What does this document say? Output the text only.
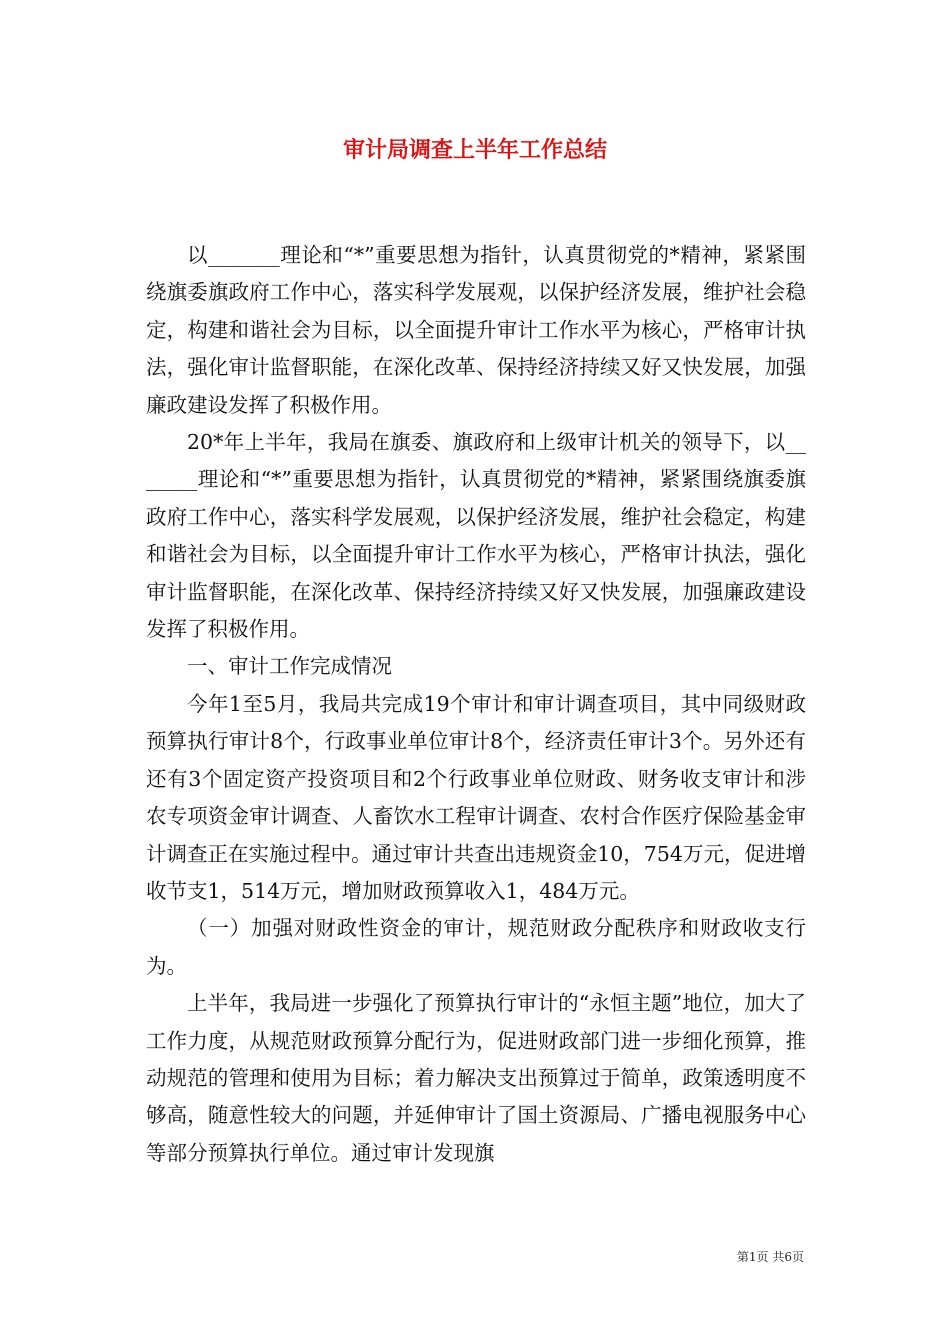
审计局调查上半年工作总结

以_______理论和“*”重要思想为指针，认真贯彻党的*精神，紧紧围绕旗委旗政府工作中心，落实科学发展观，以保护经济发展，维护社会稳定，构建和谐社会为目标，以全面提升审计工作水平为核心，严格审计执法，强化审计监督职能，在深化改革、保持经济持续又好又快发展，加强廉政建设发挥了积极作用。

20*年上半年，我局在旗委、旗政府和上级审计机关的领导下，以_______理论和“*”重要思想为指针，认真贯彻党的*精神，紧紧围绕旗委旗政府工作中心，落实科学发展观，以保护经济发展，维护社会稳定，构建和谐社会为目标，以全面提升审计工作水平为核心，严格审计执法，强化审计监督职能，在深化改革、保持经济持续又好又快发展，加强廉政建设发挥了积极作用。

一、审计工作完成情况

今年1至5月，我局共完成19个审计和审计调查项目，其中同级财政预算执行审计8个，行政事业单位审计8个，经济责任审计3个。另外还有还有3个固定资产投资项目和2个行政事业单位财政、财务收支审计和涉农专项资金审计调查、人畜饮水工程审计调查、农村合作医疗保险基金审计调查正在实施过程中。通过审计共查出违规资金10，754万元，促进增收节支1，514万元，增加财政预算收入1，484万元。

（一）加强对财政性资金的审计，规范财政分配秩序和财政收支行为。

上半年，我局进一步强化了预算执行审计的“永恒主题”地位，加大了工作力度，从规范财政预算分配行为，促进财政部门进一步细化预算，推动规范的管理和使用为目标；着力解决支出预算过于简单，政策透明度不够高，随意性较大的问题，并延伸审计了国土资源局、广播电视服务中心等部分预算执行单位。通过审计发现旗

第1页 共6页
